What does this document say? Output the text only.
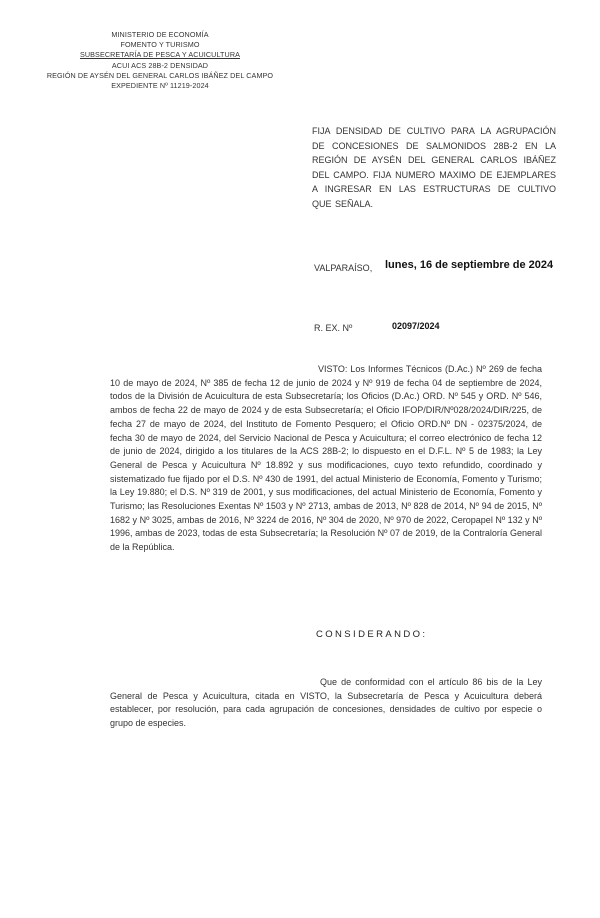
MINISTERIO DE ECONOMÍA
FOMENTO Y TURISMO
SUBSECRETARÍA DE PESCA Y ACUICULTURA
ACUI ACS 28B-2 DENSIDAD
REGIÓN DE AYSÉN DEL GENERAL CARLOS IBÁÑEZ DEL CAMPO
EXPEDIENTE Nº 11219-2024
FIJA DENSIDAD DE CULTIVO PARA LA AGRUPACIÓN DE CONCESIONES DE SALMONIDOS 28B-2 EN LA REGIÓN DE AYSÉN DEL GENERAL CARLOS IBÁÑEZ DEL CAMPO. FIJA NUMERO MAXIMO DE EJEMPLARES A INGRESAR EN LAS ESTRUCTURAS DE CULTIVO QUE SEÑALA.
VALPARAÍSO, lunes, 16 de septiembre de 2024
R. EX. Nº	02097/2024
VISTO: Los Informes Técnicos (D.Ac.) Nº 269 de fecha 10 de mayo de 2024, Nº 385 de fecha 12 de junio de 2024 y Nº 919 de fecha 04 de septiembre de 2024, todos de la División de Acuicultura de esta Subsecretaría; los Oficios (D.Ac.) ORD. Nº 545 y ORD. Nº 546, ambos de fecha 22 de mayo de 2024 y de esta Subsecretaría; el Oficio IFOP/DIR/Nº028/2024/DIR/225, de fecha 27 de mayo de 2024, del Instituto de Fomento Pesquero; el Oficio ORD.Nº DN - 02375/2024, de fecha 30 de mayo de 2024, del Servicio Nacional de Pesca y Acuicultura; el correo electrónico de fecha 12 de junio de 2024, dirigido a los titulares de la ACS 28B-2; lo dispuesto en el D.F.L. Nº 5 de 1983; la Ley General de Pesca y Acuicultura Nº 18.892 y sus modificaciones, cuyo texto refundido, coordinado y sistematizado fue fijado por el D.S. Nº 430 de 1991, del actual Ministerio de Economía, Fomento y Turismo; la Ley 19.880; el D.S. Nº 319 de 2001, y sus modificaciones, del actual Ministerio de Economía, Fomento y Turismo; las Resoluciones Exentas Nº 1503 y Nº 2713, ambas de 2013, Nº 828 de 2014, Nº 94 de 2015, Nº 1682 y Nº 3025, ambas de 2016, Nº 3224 de 2016, Nº 304 de 2020, Nº 970 de 2022, Ceropapel Nº 132 y Nº 1996, ambas de 2023, todas de esta Subsecretaría; la Resolución Nº 07 de 2019, de la Contraloría General de la República.
CONSIDERANDO:
Que de conformidad con el artículo 86 bis de la Ley General de Pesca y Acuicultura, citada en VISTO, la Subsecretaría de Pesca y Acuicultura deberá establecer, por resolución, para cada agrupación de concesiones, densidades de cultivo por especie o grupo de especies.
